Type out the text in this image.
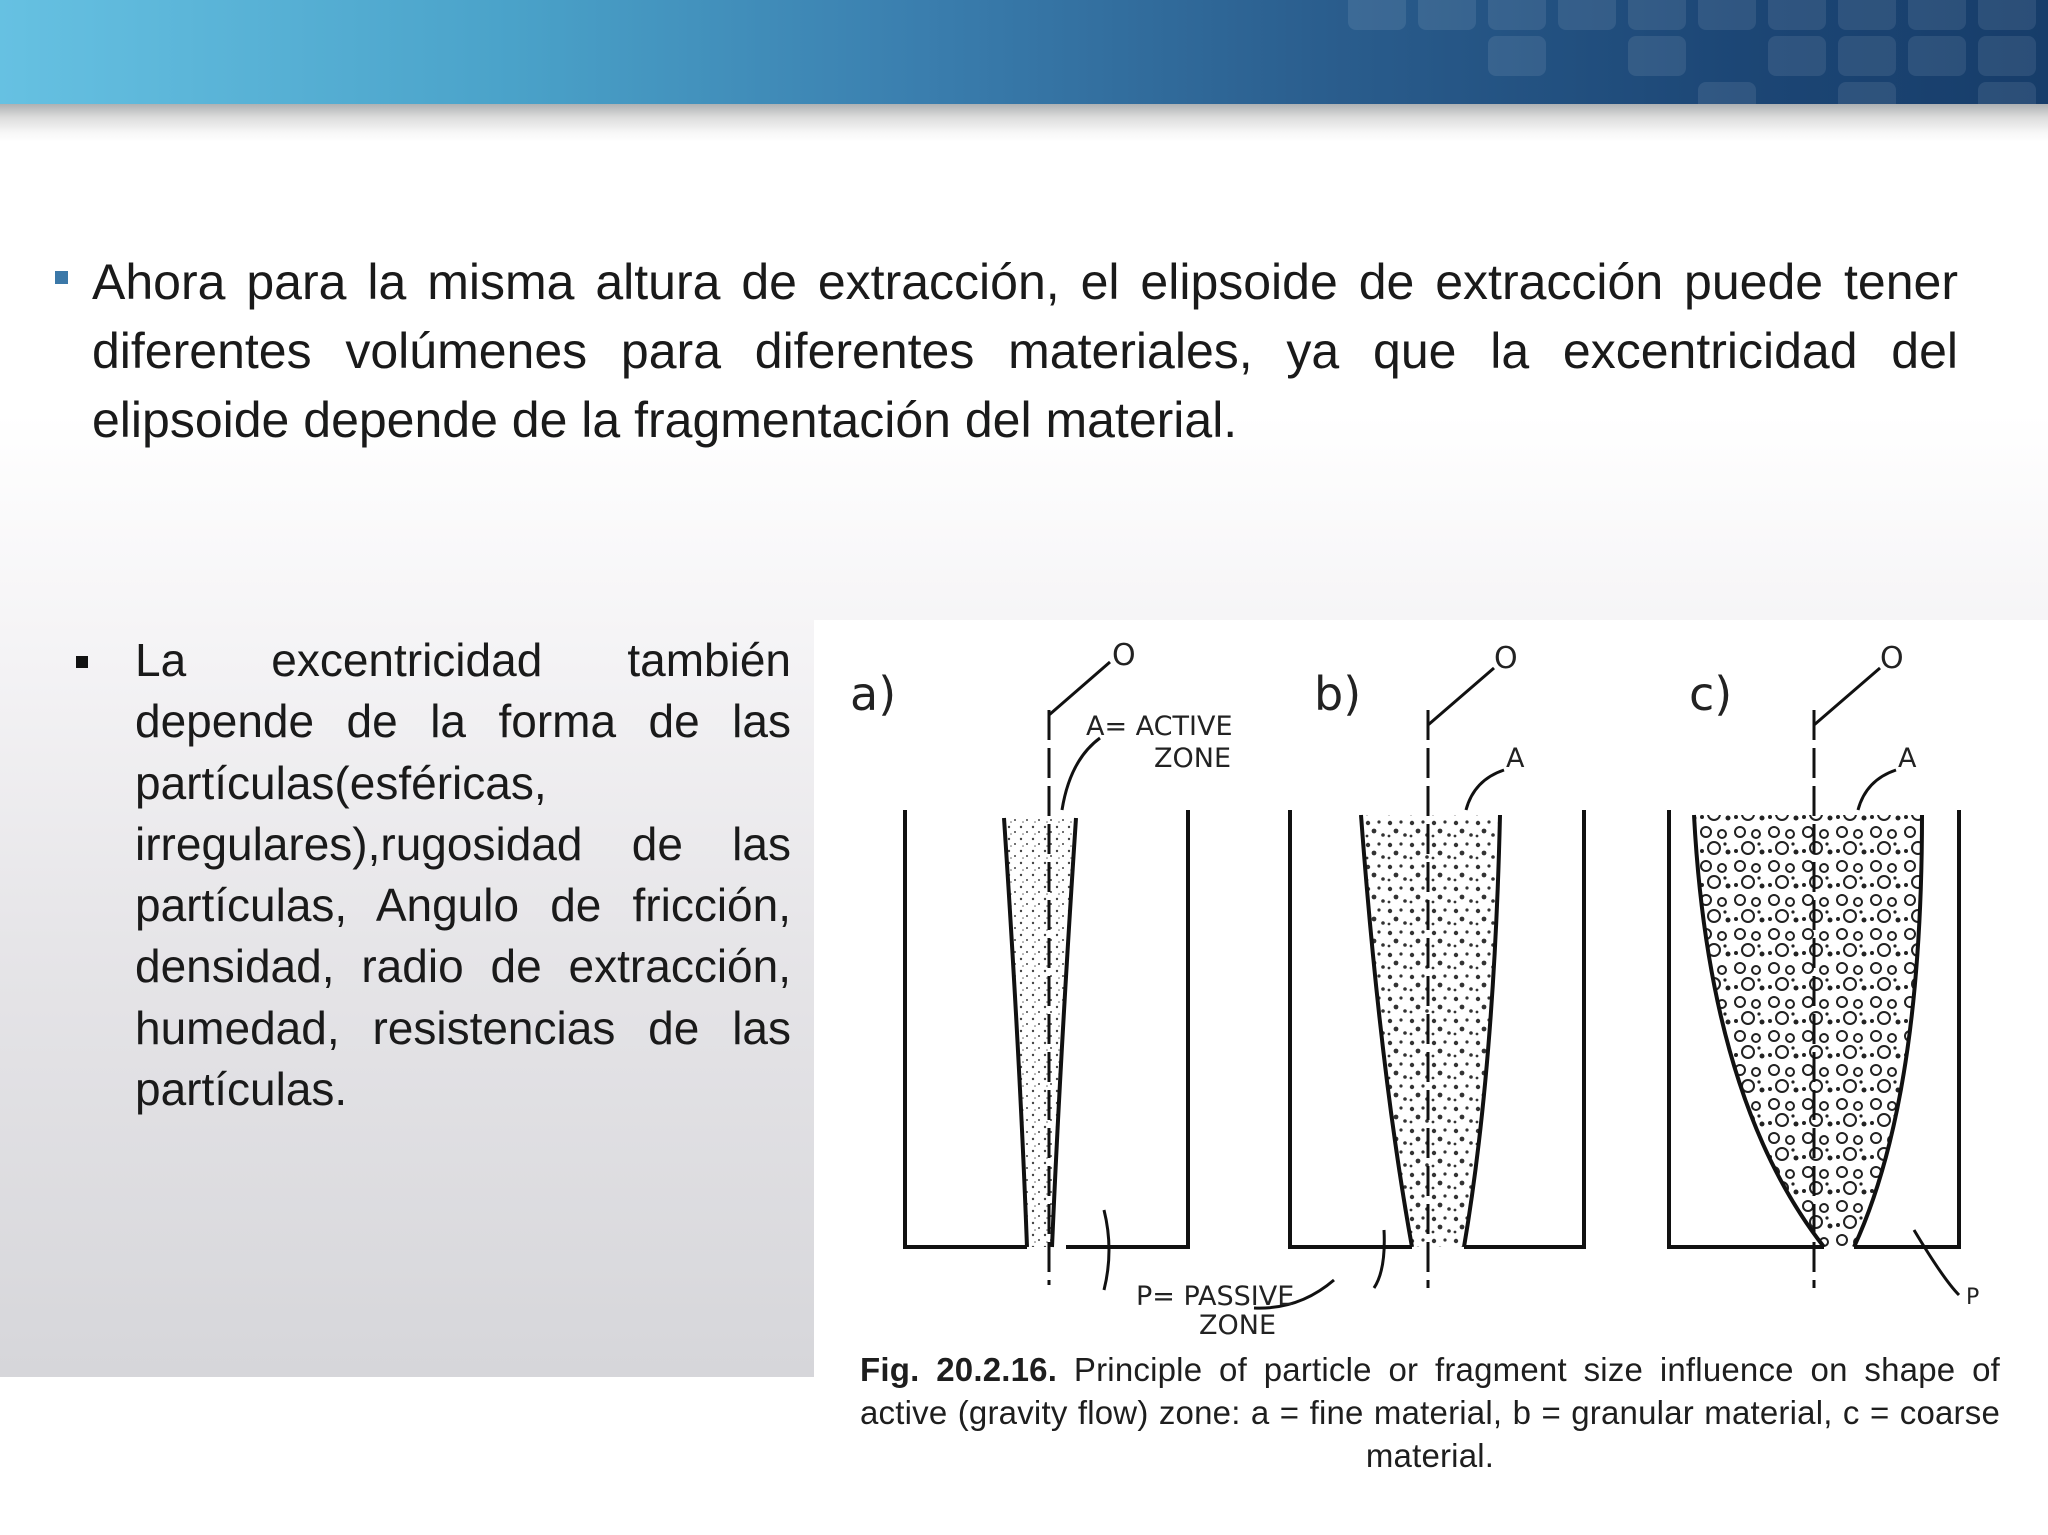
Ahora para la misma altura de extracción, el elipsoide de extracción puede tener diferentes volúmenes para diferentes materiales, ya que la excentricidad del elipsoide depende de la fragmentación del material.
La excentricidad también depende de la forma de las partículas(esféricas, irregulares),rugosidad de las partículas, Angulo de fricción, densidad, radio de extracción, humedad, resistencias de las partículas.
a)
O
A= ACTIVE
ZONE
P= PASSIVE
ZONE
b)
O
A
c)
O
A
P
Fig. 20.2.16. Principle of particle or fragment size influence on shape of active (gravity flow) zone: a = fine material, b = granular material, c = coarse material.
